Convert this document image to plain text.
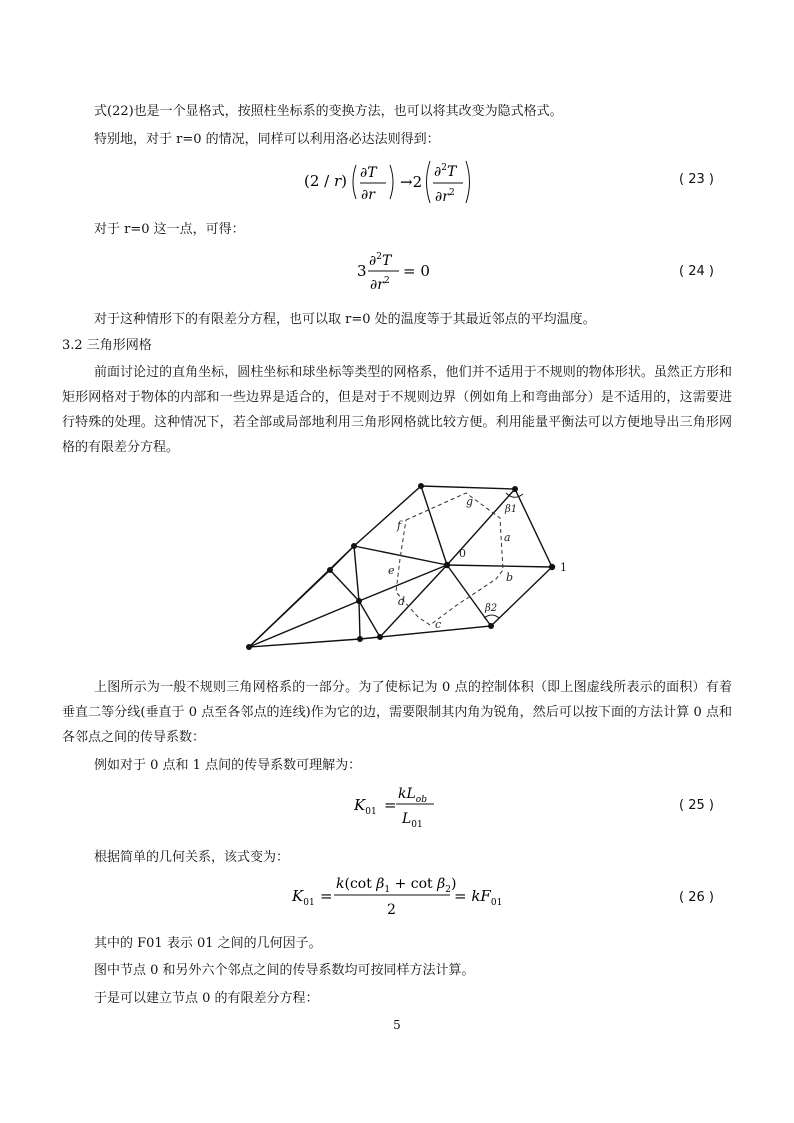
式(22)也是一个显格式，按照柱坐标系的变换方法，也可以将其改变为隐式格式。
特别地，对于 r=0 的情况，同样可以利用洛必达法则得到：
(2 / r) ∂T
∂r
→2
∂$^2$T
$\partial r^2$
( 23 )
对于 r=0 这一点，可得：
3
∂$^2$T
$\partial r^2$
= 0	( 24 )
对于这种情形下的有限差分方程，也可以取 r=0 处的温度等于其最近邻点的平均温度。
3.2 三角形网格
前面讨论过的直角坐标，圆柱坐标和球坐标等类型的网格系，他们并不适用于不规则的物体形状。虽然正方形和矩形网格对于物体的内部和一些边界是适合的，但是对于不规则边界（例如角上和弯曲部分）是不适用的，这需要进行特殊的处理。这种情况下，若全部或局部地利用三角形网格就比较方便。利用能量平衡法可以方便地导出三角形网格的有限差分方程。
0
1
a
b
c
d
e
f
g
β1
β2
上图所示为一般不规则三角网格系的一部分。为了使标记为 0 点的控制体积（即上图虚线所表示的面积）有着垂直二等分线(垂直于 0 点至各邻点的连线)作为它的边，需要限制其内角为锐角，然后可以按下面的方法计算 0 点和各邻点之间的传导系数：
例如对于 0 点和 1 点间的传导系数可理解为：
$K_{01}$ =
$kL_{ob}$
$L_{01}$
( 25 )
根据简单的几何关系，该式变为：
$K_{01}$ =
k(cot $\beta_1 + \cot \beta_2$)
2
= $kF_{01}$	( 26 )
其中的 F01 表示 01 之间的几何因子。
图中节点 0 和另外六个邻点之间的传导系数均可按同样方法计算。
于是可以建立节点 0 的有限差分方程：
5
